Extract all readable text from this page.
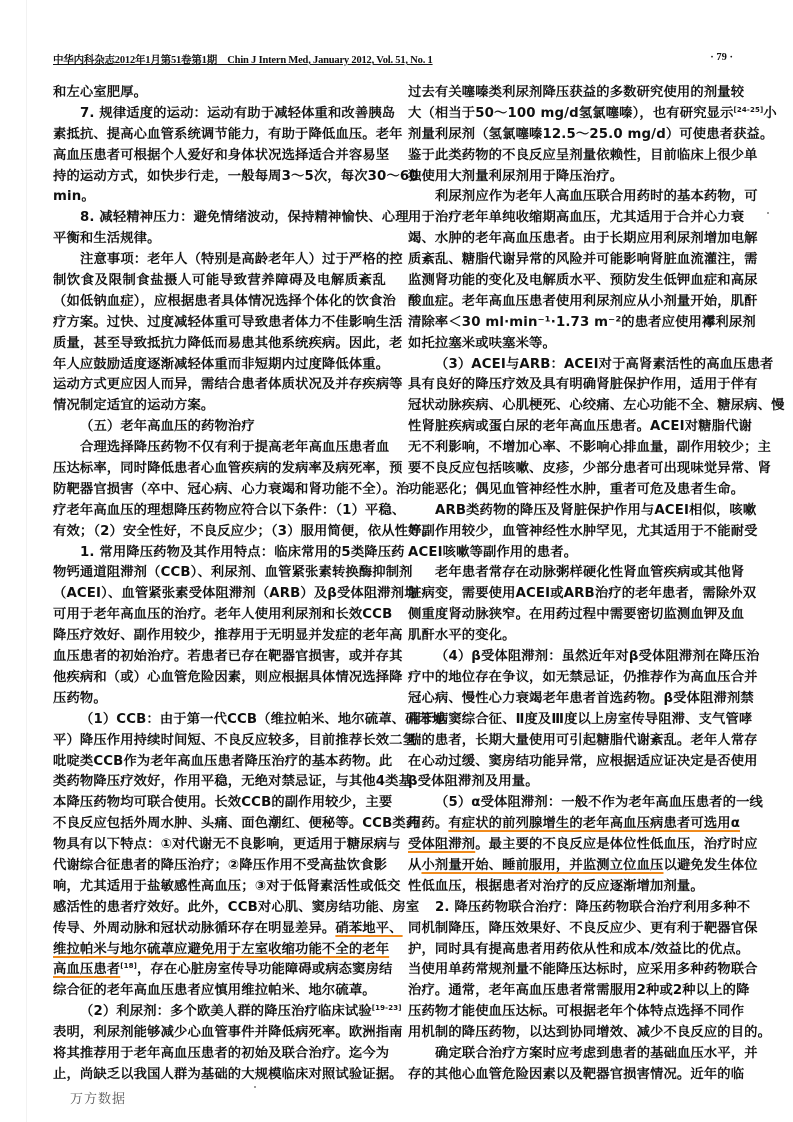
中华内科杂志2012年1月第51卷第1期　Chin J Intern Med, January 2012, Vol. 51, No. 1	· 79 ·
和左心室肥厚。
7. 规律适度的运动：运动有助于减轻体重和改善胰岛
素抵抗、提高心血管系统调节能力，有助于降低血压。老年
高血压患者可根据个人爱好和身体状况选择适合并容易坚
持的运动方式，如快步行走，一般每周3～5次，每次30～60
min。
8. 减轻精神压力：避免情绪波动，保持精神愉快、心理
平衡和生活规律。
注意事项：老年人（特别是高龄老年人）过于严格的控
制饮食及限制食盐摄人可能导致营养障碍及电解质紊乱
（如低钠血症），应根据患者具体情况选择个体化的饮食治
疗方案。过快、过度减轻体重可导致患者体力不佳影响生活
质量，甚至导致抵抗力降低而易患其他系统疾病。因此，老
年人应鼓励适度逐渐减轻体重而非短期内过度降低体重。
运动方式更应因人而异，需结合患者体质状况及并存疾病等
情况制定适宜的运动方案。
（五）老年高血压的药物治疗
合理选择降压药物不仅有利于提高老年高血压患者血
压达标率，同时降低患者心血管疾病的发病率及病死率，预
防靶器官损害（卒中、冠心病、心力衰竭和肾功能不全）。治
疗老年高血压的理想降压药物应符合以下条件：（1）平稳、
有效；（2）安全性好，不良反应少；（3）服用简便，依从性好。
1. 常用降压药物及其作用特点：临床常用的5类降压药
物钙通道阻滞剂（CCB）、利尿剂、血管紧张素转换酶抑制剂
（ACEI）、血管紧张素受体阻滞剂（ARB）及β受体阻滞剂均
可用于老年高血压的治疗。老年人使用利尿剂和长效CCB
降压疗效好、副作用较少，推荐用于无明显并发症的老年高
血压患者的初始治疗。若患者已存在靶器官损害，或并存其
他疾病和（或）心血管危险因素，则应根据具体情况选择降
压药物。
（1）CCB：由于第一代CCB（维拉帕米、地尔硫䓬、硝苯地
平）降压作用持续时间短、不良反应较多，目前推荐长效二氢
吡啶类CCB作为老年高血压患者降压治疗的基本药物。此
类药物降压疗效好，作用平稳，无绝对禁忌证，与其他4类基
本降压药物均可联合使用。长效CCB的副作用较少，主要
不良反应包括外周水肿、头痛、面色潮红、便秘等。CCB类药
物具有以下特点：①对代谢无不良影响，更适用于糖尿病与
代谢综合征患者的降压治疗；②降压作用不受高盐饮食影
响，尤其适用于盐敏感性高血压；③对于低肾素活性或低交
感活性的患者疗效好。此外，CCB对心肌、窦房结功能、房室
传导、外周动脉和冠状动脉循环存在明显差异。硝苯地平、
维拉帕米与地尔硫䓬应避免用于左室收缩功能不全的老年
高血压患者[18]，存在心脏房室传导功能障碍或病态窦房结
综合征的老年高血压患者应慎用维拉帕米、地尔硫䓬。
（2）利尿剂：多个欧美人群的降压治疗临床试验[19-23]
表明，利尿剂能够减少心血管事件并降低病死率。欧洲指南
将其推荐用于老年高血压患者的初始及联合治疗。迄今为
止，尚缺乏以我国人群为基础的大规模临床对照试验证据。
过去有关噻嗪类利尿剂降压获益的多数研究使用的剂量较
大（相当于50～100 mg/d氢氯噻嗪），也有研究显示[24-25]小
剂量利尿剂（氢氯噻嗪12.5～25.0 mg/d）可使患者获益。
鉴于此类药物的不良反应呈剂量依赖性，目前临床上很少单
独使用大剂量利尿剂用于降压治疗。
利尿剂应作为老年人高血压联合用药时的基本药物，可
用于治疗老年单纯收缩期高血压，尤其适用于合并心力衰
竭、水肿的老年高血压患者。由于长期应用利尿剂增加电解
质紊乱、糖脂代谢异常的风险并可能影响肾脏血流灌注，需
监测肾功能的变化及电解质水平、预防发生低钾血症和高尿
酸血症。老年高血压患者使用利尿剂应从小剂量开始，肌酐
清除率＜30 ml·min⁻¹·1.73 m⁻²的患者应使用襻利尿剂
如托拉塞米或呋塞米等。
（3）ACEI与ARB：ACEI对于高肾素活性的高血压患者
具有良好的降压疗效及具有明确肾脏保护作用，适用于伴有
冠状动脉疾病、心肌梗死、心绞痛、左心功能不全、糖尿病、慢
性肾脏疾病或蛋白尿的老年高血压患者。ACEI对糖脂代谢
无不利影响，不增加心率、不影响心排血量，副作用较少；主
要不良反应包括咳嗽、皮疹，少部分患者可出现味觉异常、肾
功能恶化；偶见血管神经性水肿，重者可危及患者生命。
ARB类药物的降压及肾脏保护作用与ACEI相似，咳嗽
等副作用较少，血管神经性水肿罕见，尤其适用于不能耐受
ACEI咳嗽等副作用的患者。
老年患者常存在动脉粥样硬化性肾血管疾病或其他肾
脏病变，需要使用ACEI或ARB治疗的老年患者，需除外双
侧重度肾动脉狭窄。在用药过程中需要密切监测血钾及血
肌酐水平的变化。
（4）β受体阻滞剂：虽然近年对β受体阻滞剂在降压治
疗中的地位存在争议，如无禁忌证，仍推荐作为高血压合并
冠心病、慢性心力衰竭老年患者首选药物。β受体阻滞剂禁
用于病窦综合征、Ⅱ度及Ⅲ度以上房室传导阻滞、支气管哮
喘的患者，长期大量使用可引起糖脂代谢紊乱。老年人常存
在心动过缓、窦房结功能异常，应根据适应证决定是否使用
β受体阻滞剂及用量。
（5）α受体阻滞剂：一般不作为老年高血压患者的一线
用药。有症状的前列腺增生的老年高血压病患者可选用α
受体阻滞剂。最主要的不良反应是体位性低血压，治疗时应
从小剂量开始、睡前服用，并监测立位血压以避免发生体位
性低血压，根据患者对治疗的反应逐渐增加剂量。
2. 降压药物联合治疗：降压药物联合治疗利用多种不
同机制降压，降压效果好、不良反应少、更有利于靶器官保
护，同时具有提高患者用药依从性和成本/效益比的优点。
当使用单药常规剂量不能降压达标时，应采用多种药物联合
治疗。通常，老年高血压患者常需服用2种或2种以上的降
压药物才能使血压达标。可根据老年个体特点选择不同作
用机制的降压药物，以达到协同增效、减少不良反应的目的。
确定联合治疗方案时应考虑到患者的基础血压水平，并
存的其他心血管危险因素以及靶器官损害情况。近年的临
万方数据
